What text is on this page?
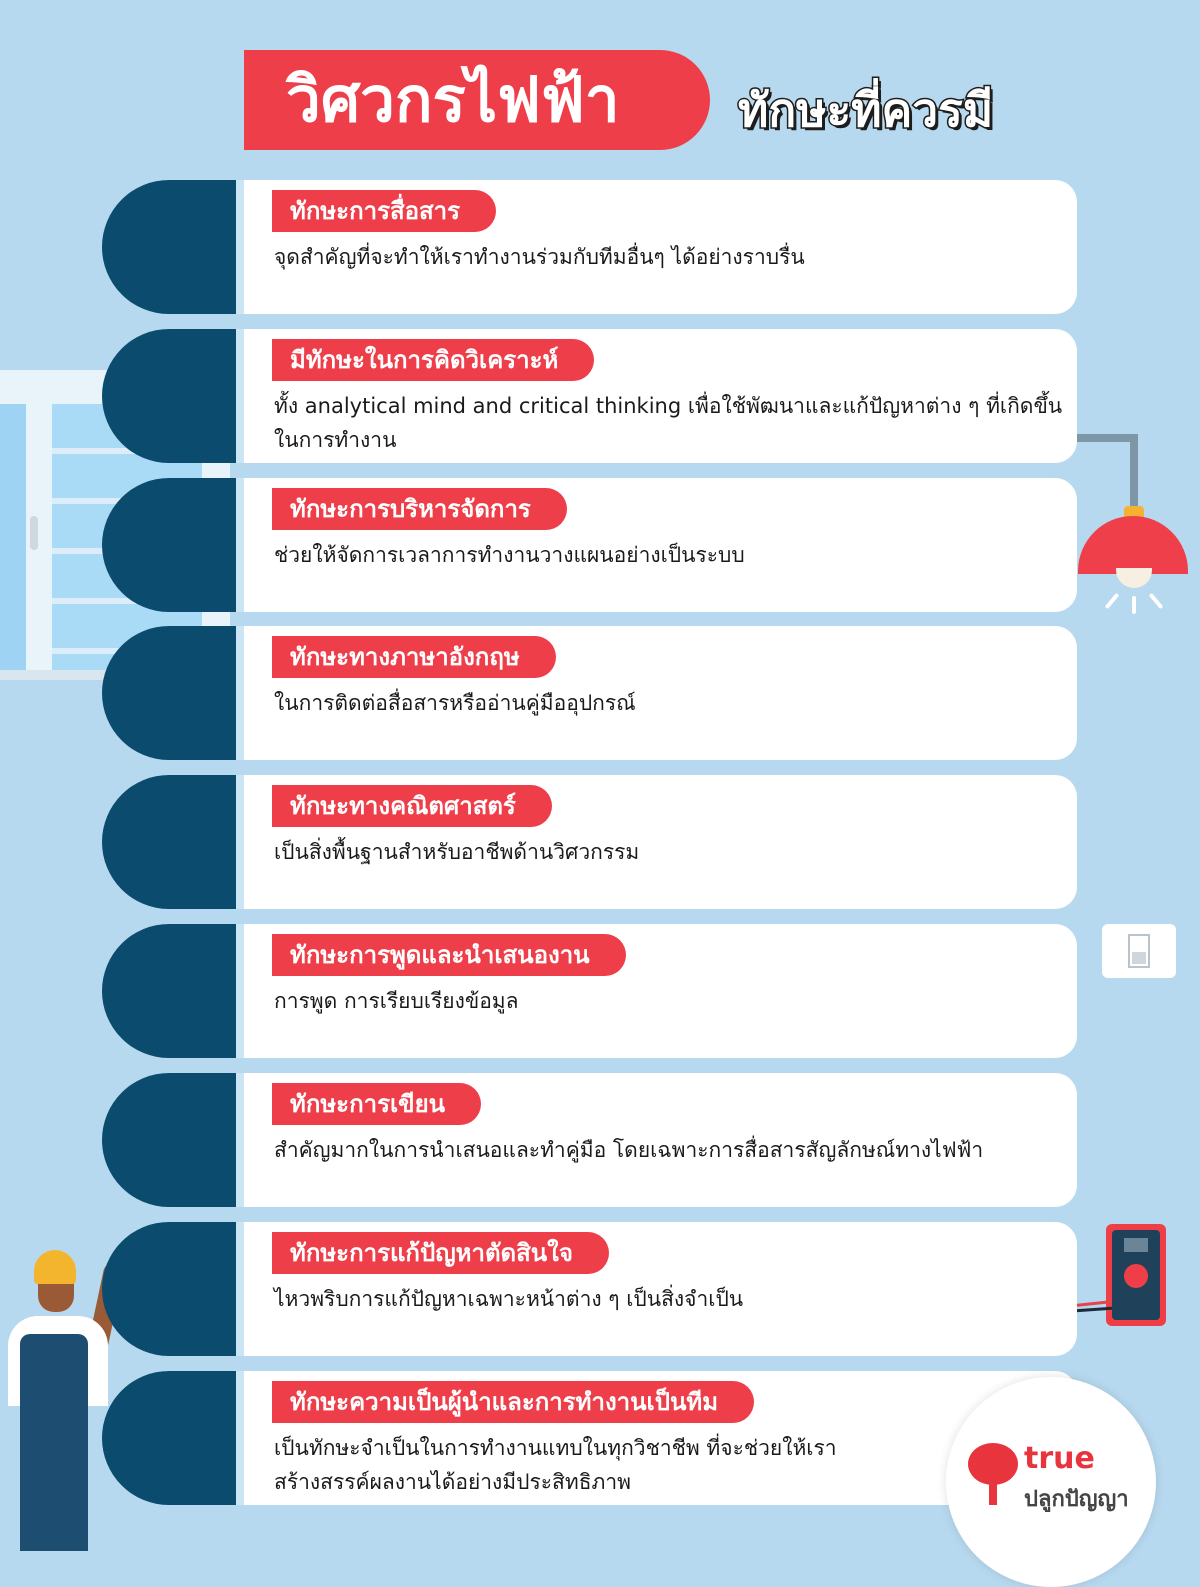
วิศวกรไฟฟ้า	ทักษะที่ควรมี
ทักษะการสื่อสาร
จุดสำคัญที่จะทำให้เราทำงานร่วมกับทีมอื่นๆ ได้อย่างราบรื่น
มีทักษะในการคิดวิเคราะห์
ทั้ง analytical mind and critical thinking เพื่อใช้พัฒนาและแก้ปัญหาต่าง ๆ ที่เกิดขึ้นในการทำงาน
ทักษะการบริหารจัดการ
ช่วยให้จัดการเวลาการทำงานวางแผนอย่างเป็นระบบ
ทักษะทางภาษาอังกฤษ
ในการติดต่อสื่อสารหรืออ่านคู่มืออุปกรณ์
ทักษะทางคณิตศาสตร์
เป็นสิ่งพื้นฐานสำหรับอาชีพด้านวิศวกรรม
ทักษะการพูดและนำเสนองาน
การพูด การเรียบเรียงข้อมูล
ทักษะการเขียน
สำคัญมากในการนำเสนอและทำคู่มือ โดยเฉพาะการสื่อสารสัญลักษณ์ทางไฟฟ้า
ทักษะการแก้ปัญหาตัดสินใจ
ไหวพริบการแก้ปัญหาเฉพาะหน้าต่าง ๆ เป็นสิ่งจำเป็น
ทักษะความเป็นผู้นำและการทำงานเป็นทีม
เป็นทักษะจำเป็นในการทำงานแทบในทุกวิชาชีพ ที่จะช่วยให้เราสร้างสรรค์ผลงานได้อย่างมีประสิทธิภาพ
true
ปลูกปัญญา
